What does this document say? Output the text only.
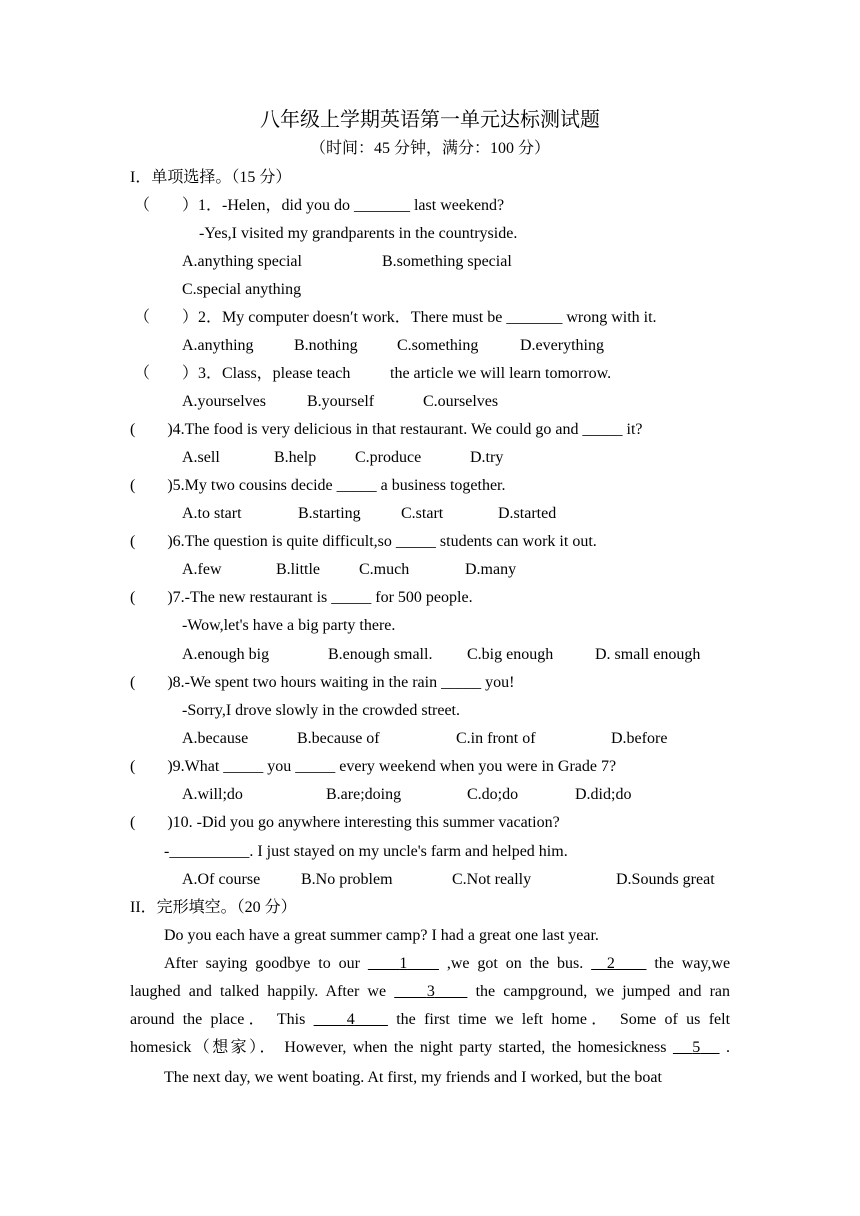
八年级上学期英语第一单元达标测试题
（时间：45 分钟，满分：100 分）
I．单项选择。（15 分）
（　　）1．-Helen，did you do _______ last weekend?
-Yes,I visited my grandparents in the countryside.
A.anything special	B.something special
C.special anything
（　　）2．My computer doesn′t work．There must be _______ wrong with it.
A.anything	B.nothing C.something	D.everything
（　　）3．Class，please teach the article we will learn tomorrow.
A.yourselves	B.yourself	C.ourselves
(        )4.The food is very delicious in that restaurant. We could go and _____ it?
A.sell	B.help C.produce	D.try
(        )5.My two cousins decide _____ a business together.
A.to start	B.starting	C.start	D.started
(        )6.The question is quite difficult,so _____ students can work it out.
A.few	B.little C.much	D.many
(        )7.-The new restaurant is _____ for 500 people.
-Wow,let's have a big party there.
A.enough big	B.enough small. C.big enough	D. small enough
(        )8.-We spent two hours waiting in the rain _____ you!
-Sorry,I drove slowly in the crowded street.
A.because	B.because of	C.in front of	D.before
(        )9.What _____ you _____ every weekend when you were in Grade 7?
A.will;do	B.are;doing	C.do;do	D.did;do
(        )10. -Did you go anywhere interesting this summer vacation?
-__________. I just stayed on my uncle's farm and helped him.
A.Of course	B.No problem	C.Not really	D.Sounds great
II．完形填空。（20 分）
Do you each have a great summer camp? I had a great one last year.
After saying goodbye to our 1 ,we got on the bus. 2 the way,we
laughed and talked happily. After we	3	the campground, we jumped and ran
around the place． This	4	the first time we left home． Some of us felt
homesick（想家）． However, when the night party started, the homesickness 5 .
The next day, we went boating. At first, my friends and I worked, but the boat
